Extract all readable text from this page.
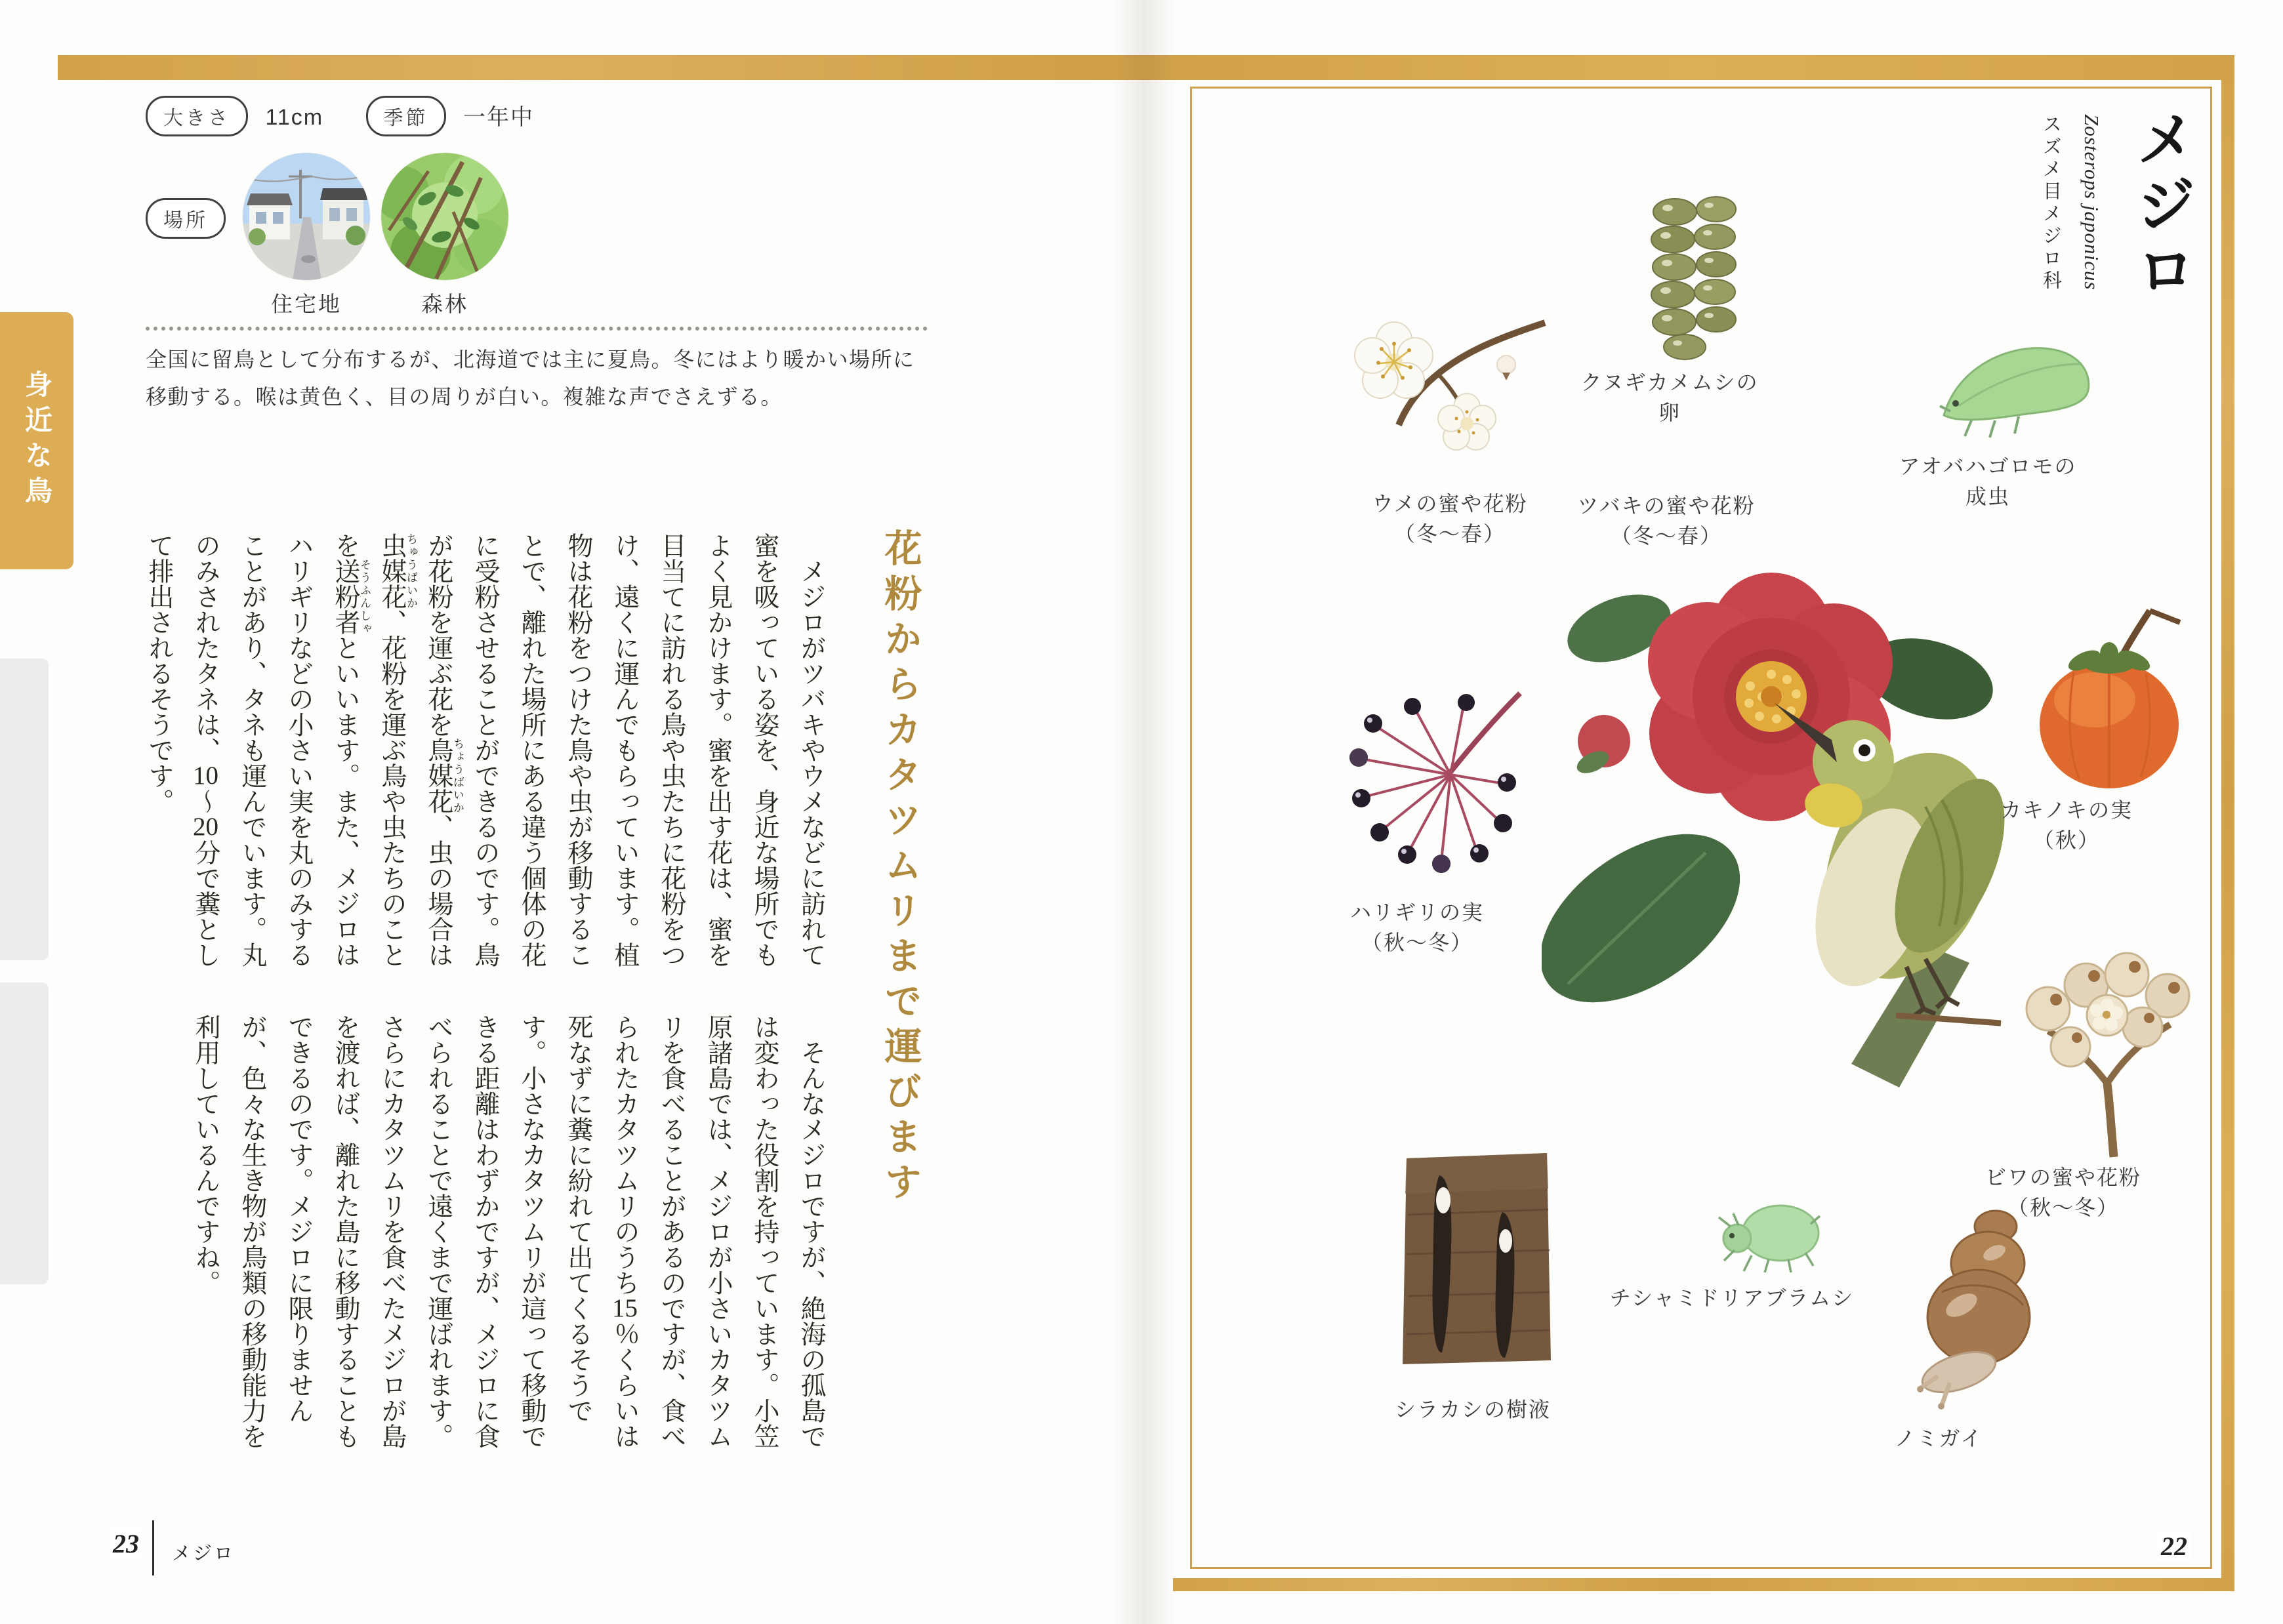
身近な鳥
大きさ 11cm	季節 一年中
場所
住宅地	森林
全国に留鳥として分布するが、北海道では主に夏鳥。冬にはより暖かい場所に移動する。喉は黄色く、目の周りが白い。複雑な声でさえずる。
花粉からカタツムリまで運びます
　メジロがツバキやウメなどに訪れて蜜を吸っている姿を、身近な場所でもよく見かけます。蜜を出す花は、蜜を目当てに訪れる鳥や虫たちに花粉をつけ、遠くに運んでもらっています。植物は花粉をつけた鳥や虫が移動することで、離れた場所にある違う個体の花に受粉させることができるのです。鳥が花粉を運ぶ花を鳥媒花ちょうばいか、虫の場合は虫媒花ちゅうばいか、花粉を運ぶ鳥や虫たちのことを送粉者そうふんしゃといいます。また、メジロはハリギリなどの小さい実を丸のみすることがあり、タネも運んでいます。丸のみされたタネは、10〜20分で糞として排出されるそうです。
　そんなメジロですが、絶海の孤島では変わった役割を持っています。小笠原諸島では、メジロが小さいカタツムリを食べることがあるのですが、食べられたカタツムリのうち15％くらいは死なずに糞に紛れて出てくるそうです。小さなカタツムリが這って移動できる距離はわずかですが、メジロに食べられることで遠くまで運ばれます。さらにカタツムリを食べたメジロが島を渡れば、離れた島に移動することもできるのです。メジロに限りませんが、色々な生き物が鳥類の移動能力を利用しているんですね。
メジロ
Zosterops japonicus
スズメ目メジロ科
クヌギカメムシの卵
アオバハゴロモの
成虫
ウメの蜜や花粉
（冬〜春）
ツバキの蜜や花粉
（冬〜春）
カキノキの実
（秋）
ハリギリの実
（秋〜冬）
ビワの蜜や花粉
（秋〜冬）
チシャミドリアブラムシ
シラカシの樹液
ノミガイ
23 メジロ	22
